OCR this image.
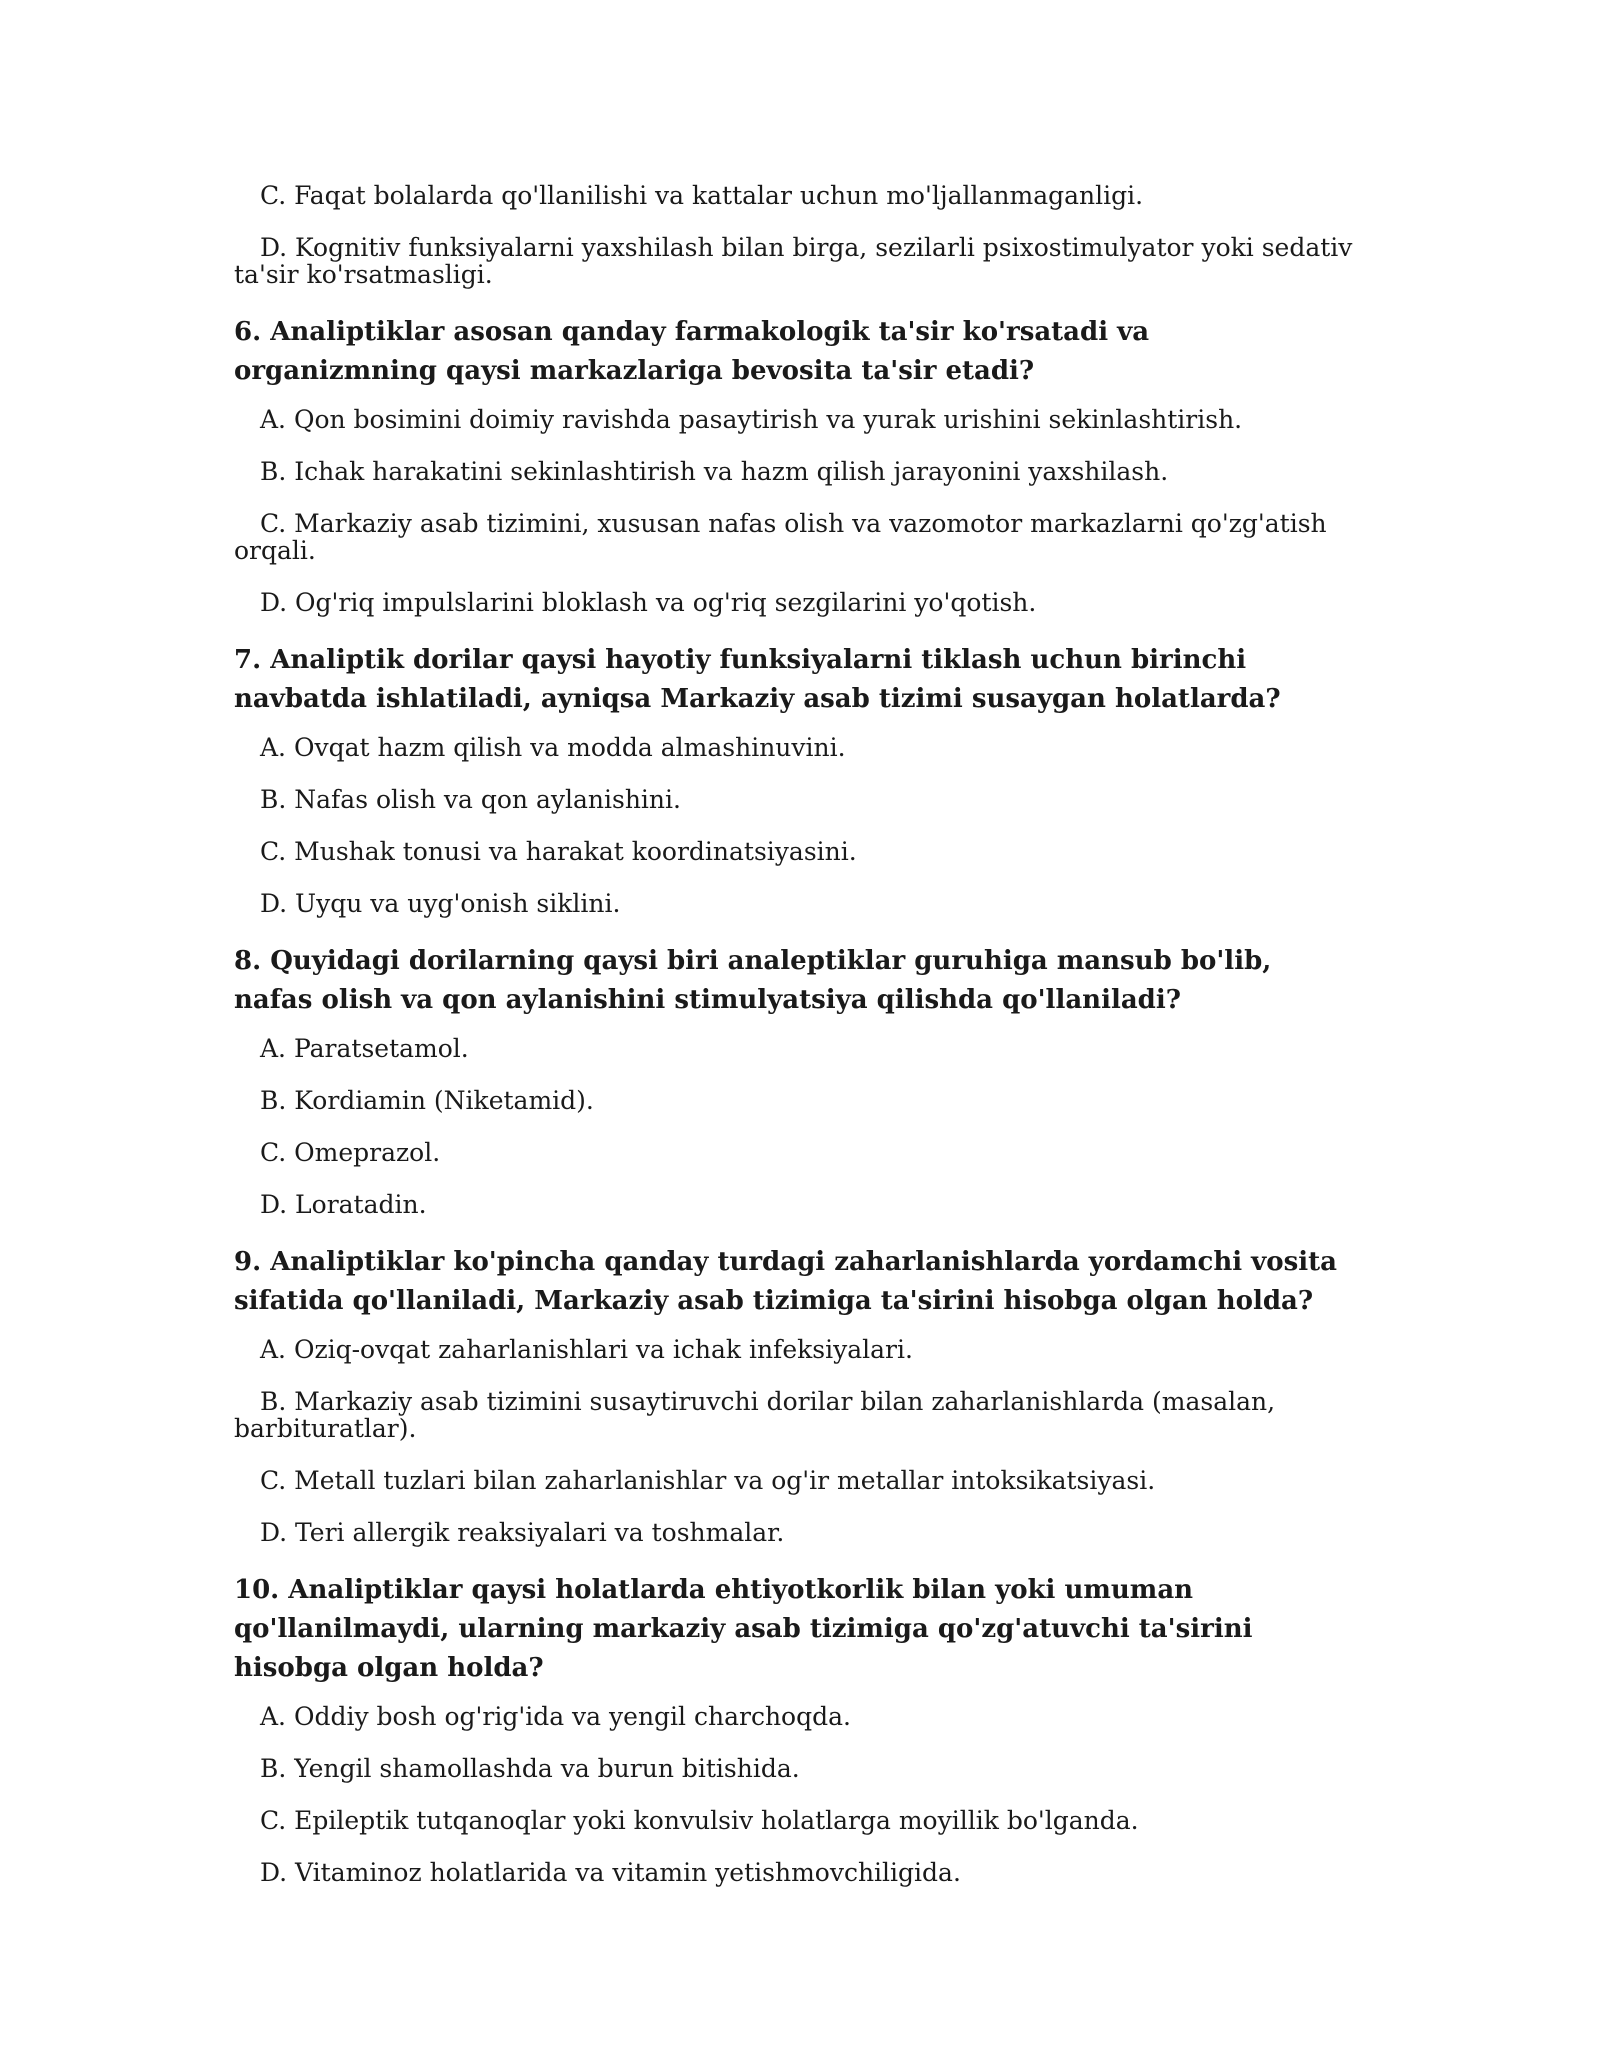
C. Faqat bolalarda qo'llanilishi va kattalar uchun mo'ljallanmaganligi.

D. Kognitiv funksiyalarni yaxshilash bilan birga, sezilarli psixostimulyator yoki sedativ ta'sir ko'rsatmasligi.

6. Analiptiklar asosan qanday farmakologik ta'sir ko'rsatadi va organizmning qaysi markazlariga bevosita ta'sir etadi?

A. Qon bosimini doimiy ravishda pasaytirish va yurak urishini sekinlashtirish.

B. Ichak harakatini sekinlashtirish va hazm qilish jarayonini yaxshilash.

C. Markaziy asab tizimini, xususan nafas olish va vazomotor markazlarni qo'zg'atish orqali.

D. Og'riq impulslarini bloklash va og'riq sezgilarini yo'qotish.

7. Analiptik dorilar qaysi hayotiy funksiyalarni tiklash uchun birinchi navbatda ishlatiladi, ayniqsa Markaziy asab tizimi susaygan holatlarda?

A. Ovqat hazm qilish va modda almashinuvini.

B. Nafas olish va qon aylanishini.

C. Mushak tonusi va harakat koordinatsiyasini.

D. Uyqu va uyg'onish siklini.

8. Quyidagi dorilarning qaysi biri analeptiklar guruhiga mansub bo'lib, nafas olish va qon aylanishini stimulyatsiya qilishda qo'llaniladi?

A. Paratsetamol.

B. Kordiamin (Niketamid).

C. Omeprazol.

D. Loratadin.

9. Analiptiklar ko'pincha qanday turdagi zaharlanishlarda yordamchi vosita sifatida qo'llaniladi, Markaziy asab tizimiga ta'sirini hisobga olgan holda?

A. Oziq-ovqat zaharlanishlari va ichak infeksiyalari.

B. Markaziy asab tizimini susaytiruvchi dorilar bilan zaharlanishlarda (masalan, barbituratlar).

C. Metall tuzlari bilan zaharlanishlar va og'ir metallar intoksikatsiyasi.

D. Teri allergik reaksiyalari va toshmalar.

10. Analiptiklar qaysi holatlarda ehtiyotkorlik bilan yoki umuman qo'llanilmaydi, ularning markaziy asab tizimiga qo'zg'atuvchi ta'sirini hisobga olgan holda?

A. Oddiy bosh og'rig'ida va yengil charchoqda.

B. Yengil shamollashda va burun bitishida.

C. Epileptik tutqanoqlar yoki konvulsiv holatlarga moyillik bo'lganda.

D. Vitaminoz holatlarida va vitamin yetishmovchiligida.
